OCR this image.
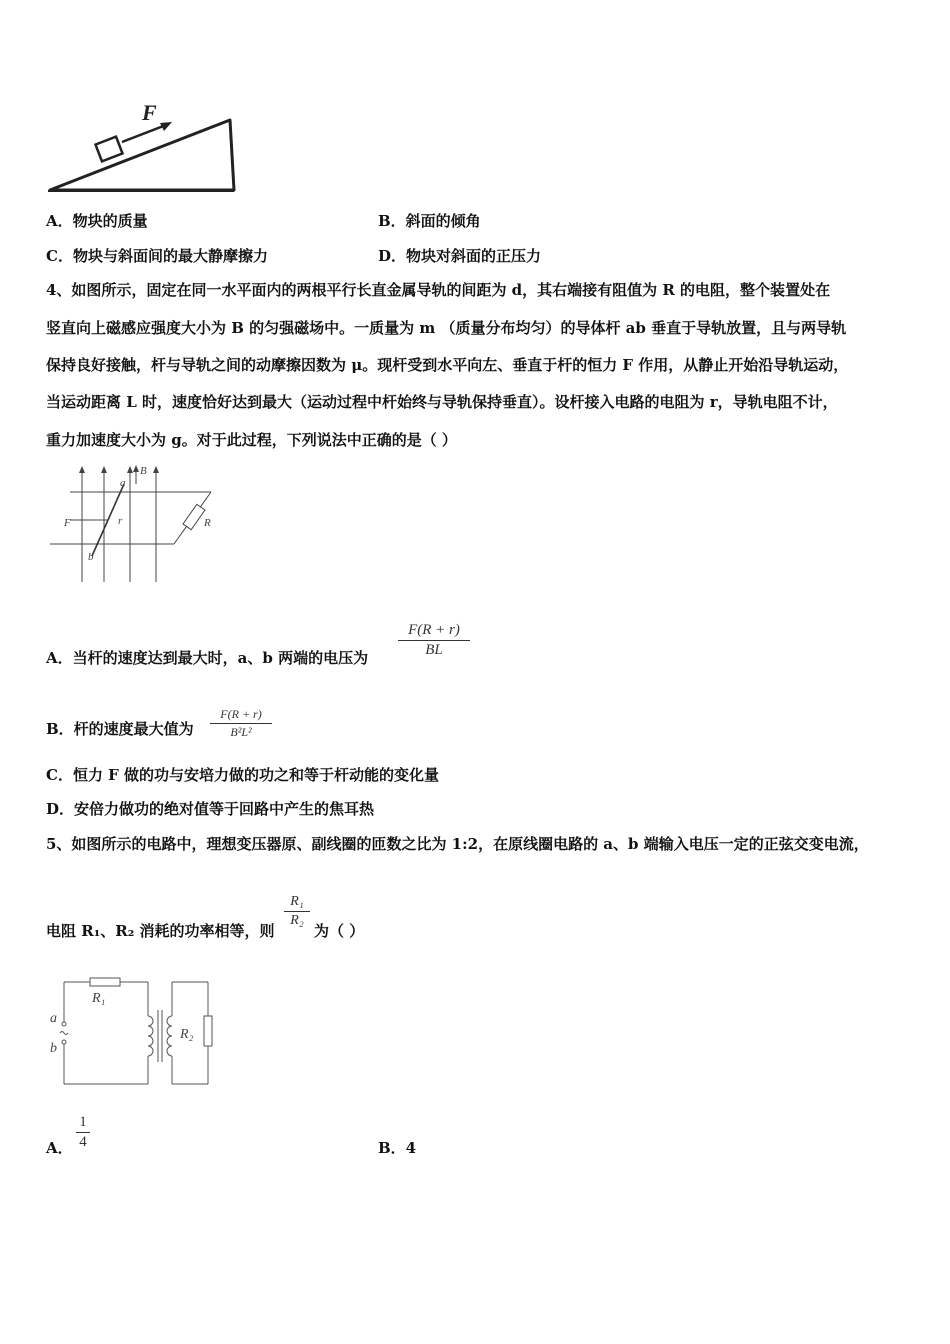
F
A．物块的质量	B．斜面的倾角
C．物块与斜面间的最大静摩擦力	D．物块对斜面的正压力
4、如图所示，固定在同一水平面内的两根平行长直金属导轨的间距为 d，其右端接有阻值为 R 的电阻，整个装置处在
竖直向上磁感应强度大小为 B 的匀强磁场中。一质量为 m （质量分布均匀）的导体杆 ab 垂直于导轨放置，且与两导轨
保持良好接触，杆与导轨之间的动摩擦因数为 μ。现杆受到水平向左、垂直于杆的恒力 F 作用，从静止开始沿导轨运动，
当运动距离 L 时，速度恰好达到最大（运动过程中杆始终与导轨保持垂直）。设杆接入电路的电阻为 r，导轨电阻不计，
重力加速度大小为 g。对于此过程，下列说法中正确的是（ ）
a
B
F	r	R
b
A．当杆的速度达到最大时，a、b 两端的电压为
F(R + r)
BL
B．杆的速度最大值为
F(R + r)
B²L²
C．恒力 F 做的功与安培力做的功之和等于杆动能的变化量
D．安倍力做功的绝对值等于回路中产生的焦耳热
5、如图所示的电路中，理想变压器原、副线圈的匝数之比为 1:2，在原线圈电路的 a、b 端输入电压一定的正弦交变电流，
电阻 R₁、R₂ 消耗的功率相等，则
R₁
R₂
为（ ）
R₁
R₂
a
b
A．
1
4	B．4
